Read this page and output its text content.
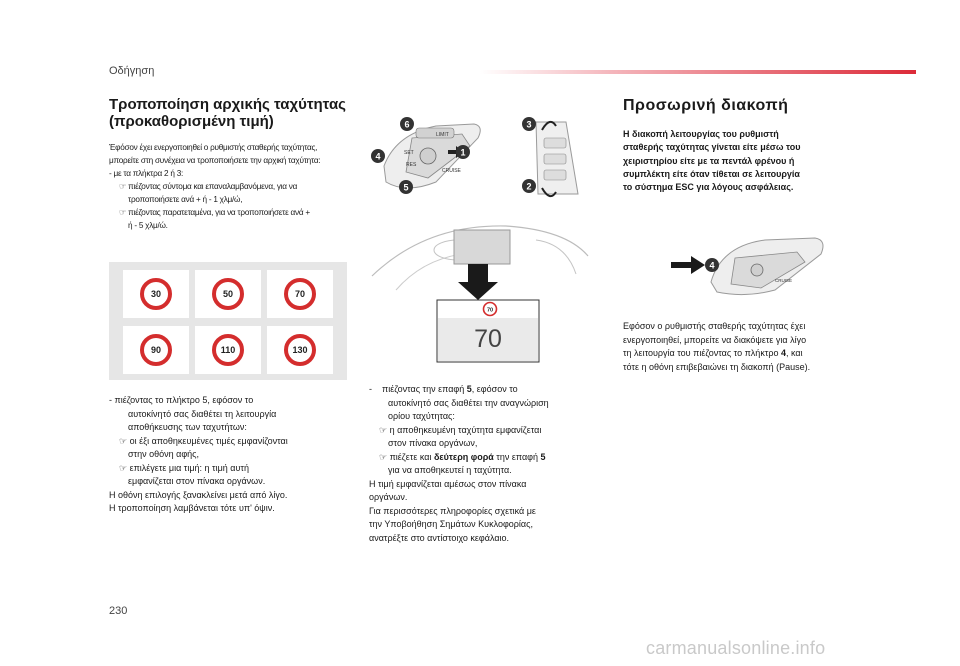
Οδήγηση
Τροποποίηση αρχικής ταχύτητας
(προκαθορισμένη τιμή)
Έφόσον έχει ενεργοποιηθεί ο ρυθμιστής σταθερής ταχύτητας,
μπορείτε στη συνέχεια να τροποποιήσετε την αρχική ταχύτητα:
- με τα πλήκτρα 2 ή 3:
☞ πιέζοντας σύντομα και επαναλαμβανόμενα, για να
τροποποιήσετε ανά + ή - 1 χλμ/ώ,
☞ πιέζοντας παρατεταμένα, για να τροποποιήσετε ανά +
ή - 5 χλμ/ώ.
30	50	70
90	110	130
- πιέζοντας το πλήκτρο 5, εφόσον το
αυτοκίνητό σας διαθέτει τη λειτουργία
αποθήκευσης των ταχυτήτων:
☞ οι έξι αποθηκευμένες τιμές εμφανίζονται
στην οθόνη αφής,
☞ επιλέγετε μια τιμή: η τιμή αυτή
εμφανίζεται στον πίνακα οργάνων.
Η οθόνη επιλογής ξανακλείνει μετά από λίγο.
Η τροποποίηση λαμβάνεται τότε υπ' όψιν.
LIMIT
SET
RES
CRUISE
6
1
4
5
3
2
70
70
-    πιέζοντας την επαφή 5, εφόσον το
αυτοκίνητό σας διαθέτει την αναγνώριση
ορίου ταχύτητας:
☞ η αποθηκευμένη ταχύτητα εμφανίζεται
στον πίνακα οργάνων,
☞ πιέζετε και δεύτερη φορά την επαφή 5
για να αποθηκευτεί η ταχύτητα.
Η τιμή εμφανίζεται αμέσως στον πίνακα
οργάνων.
Για περισσότερες πληροφορίες σχετικά με
την Υποβοήθηση Σημάτων Κυκλοφορίας,
ανατρέξτε στο αντίστοιχο κεφάλαιο.
Προσωρινή διακοπή
Η διακοπή λειτουργίας του ρυθμιστή
σταθερής ταχύτητας γίνεται είτε μέσω του
χειριστηρίου είτε με τα πεντάλ φρένου ή
συμπλέκτη είτε όταν τίθεται σε λειτουργία
το σύστημα ESC για λόγους ασφάλειας.
CRUISE
4
Εφόσον ο ρυθμιστής σταθερής ταχύτητας έχει
ενεργοποιηθεί, μπορείτε να διακόψετε για λίγο
τη λειτουργία του πιέζοντας το πλήκτρο 4, και
τότε η οθόνη επιβεβαιώνει τη διακοπή (Pause).
230
carmanualsonline.info
